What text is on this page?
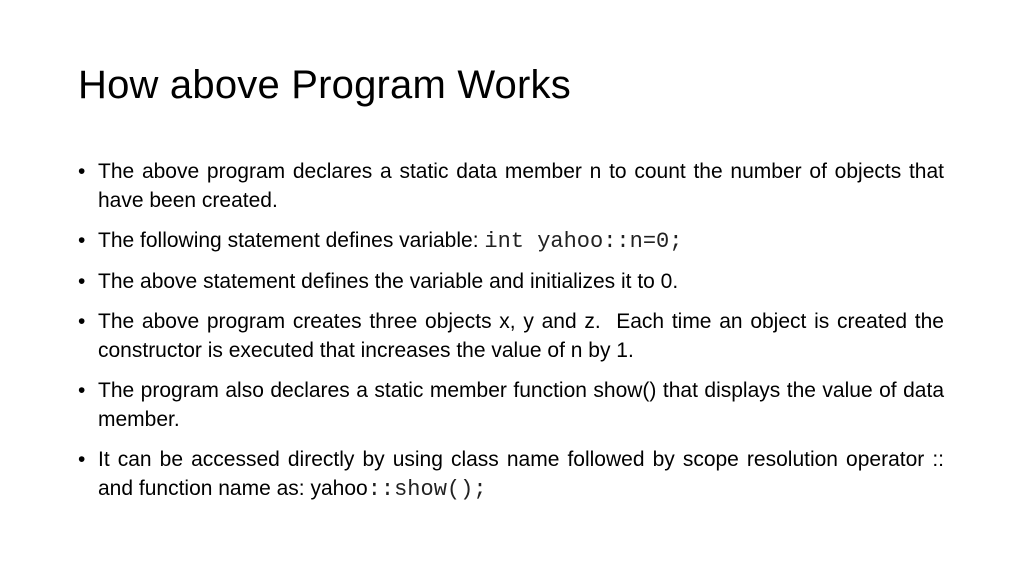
How above Program Works
• The above program declares a static data member n to count the number of objects that have been created.
• The following statement defines variable: int yahoo::n=0;
• The above statement defines the variable and initializes it to 0.
• The above program creates three objects x, y and z.  Each time an object is created the constructor is executed that increases the value of n by 1.
• The program also declares a static member function show() that displays the value of data member.
• It can be accessed directly by using class name followed by scope resolution operator :: and function name as: yahoo::show();
